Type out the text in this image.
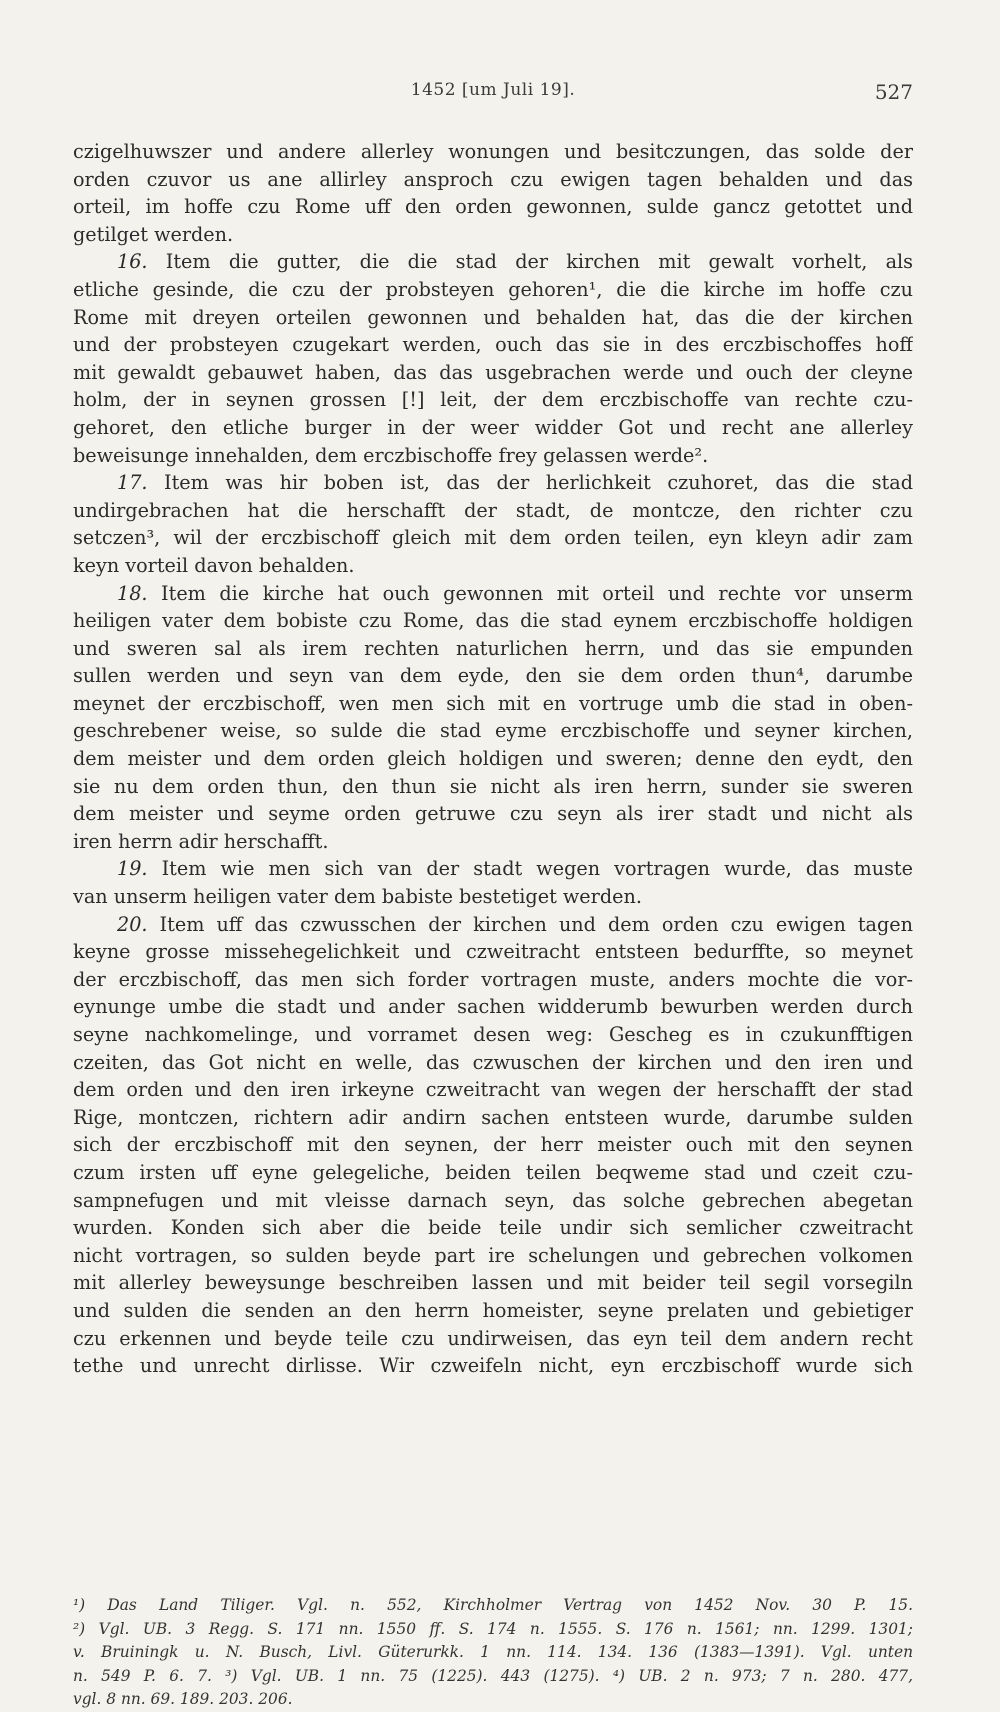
1452 [um Juli 19].	527
czigelhuwszer und andere allerley wonungen und besitczungen, das solde der
orden czuvor us ane allirley ansproch czu ewigen tagen behalden und das
orteil, im hoffe czu Rome uff den orden gewonnen, sulde gancz getottet und
getilget werden.
16. Item die gutter, die die stad der kirchen mit gewalt vorhelt, als
etliche gesinde, die czu der probsteyen gehoren¹, die die kirche im hoffe czu
Rome mit dreyen orteilen gewonnen und behalden hat, das die der kirchen
und der probsteyen czugekart werden, ouch das sie in des erczbischoffes hoff
mit gewaldt gebauwet haben, das das usgebrachen werde und ouch der cleyne
holm, der in seynen grossen [!] leit, der dem erczbischoffe van rechte czu-
gehoret, den etliche burger in der weer widder Got und recht ane allerley
beweisunge innehalden, dem erczbischoffe frey gelassen werde².
17. Item was hir boben ist, das der herlichkeit czuhoret, das die stad
undirgebrachen hat die herschafft der stadt, de montcze, den richter czu
setczen³, wil der erczbischoff gleich mit dem orden teilen, eyn kleyn adir zam
keyn vorteil davon behalden.
18. Item die kirche hat ouch gewonnen mit orteil und rechte vor unserm
heiligen vater dem bobiste czu Rome, das die stad eynem erczbischoffe holdigen
und sweren sal als irem rechten naturlichen herrn, und das sie empunden
sullen werden und seyn van dem eyde, den sie dem orden thun⁴, darumbe
meynet der erczbischoff, wen men sich mit en vortruge umb die stad in oben-
geschrebener weise, so sulde die stad eyme erczbischoffe und seyner kirchen,
dem meister und dem orden gleich holdigen und sweren; denne den eydt, den
sie nu dem orden thun, den thun sie nicht als iren herrn, sunder sie sweren
dem meister und seyme orden getruwe czu seyn als irer stadt und nicht als
iren herrn adir herschafft.
19. Item wie men sich van der stadt wegen vortragen wurde, das muste
van unserm heiligen vater dem babiste bestetiget werden.
20. Item uff das czwusschen der kirchen und dem orden czu ewigen tagen
keyne grosse missehegelichkeit und czweitracht entsteen bedurffte, so meynet
der erczbischoff, das men sich forder vortragen muste, anders mochte die vor-
eynunge umbe die stadt und ander sachen widderumb bewurben werden durch
seyne nachkomelinge, und vorramet desen weg: Gescheg es in czukunfftigen
czeiten, das Got nicht en welle, das czwuschen der kirchen und den iren und
dem orden und den iren irkeyne czweitracht van wegen der herschafft der stad
Rige, montczen, richtern adir andirn sachen entsteen wurde, darumbe sulden
sich der erczbischoff mit den seynen, der herr meister ouch mit den seynen
czum irsten uff eyne gelegeliche, beiden teilen beqweme stad und czeit czu-
sampnefugen und mit vleisse darnach seyn, das solche gebrechen abegetan
wurden. Konden sich aber die beide teile undir sich semlicher czweitracht
nicht vortragen, so sulden beyde part ire schelungen und gebrechen volkomen
mit allerley beweysunge beschreiben lassen und mit beider teil segil vorsegiln
und sulden die senden an den herrn homeister, seyne prelaten und gebietiger
czu erkennen und beyde teile czu undirweisen, das eyn teil dem andern recht
tethe und unrecht dirlisse. Wir czweifeln nicht, eyn erczbischoff wurde sich
¹) Das Land Tiliger. Vgl. n. 552, Kirchholmer Vertrag von 1452 Nov. 30 P. 15.
²) Vgl. UB. 3 Regg. S. 171 nn. 1550 ff. S. 174 n. 1555. S. 176 n. 1561; nn. 1299. 1301;
v. Bruiningk u. N. Busch, Livl. Güterurkk. 1 nn. 114. 134. 136 (1383—1391). Vgl. unten
n. 549 P. 6. 7. ³) Vgl. UB. 1 nn. 75 (1225). 443 (1275). ⁴) UB. 2 n. 973; 7 n. 280. 477,
vgl. 8 nn. 69. 189. 203. 206.
